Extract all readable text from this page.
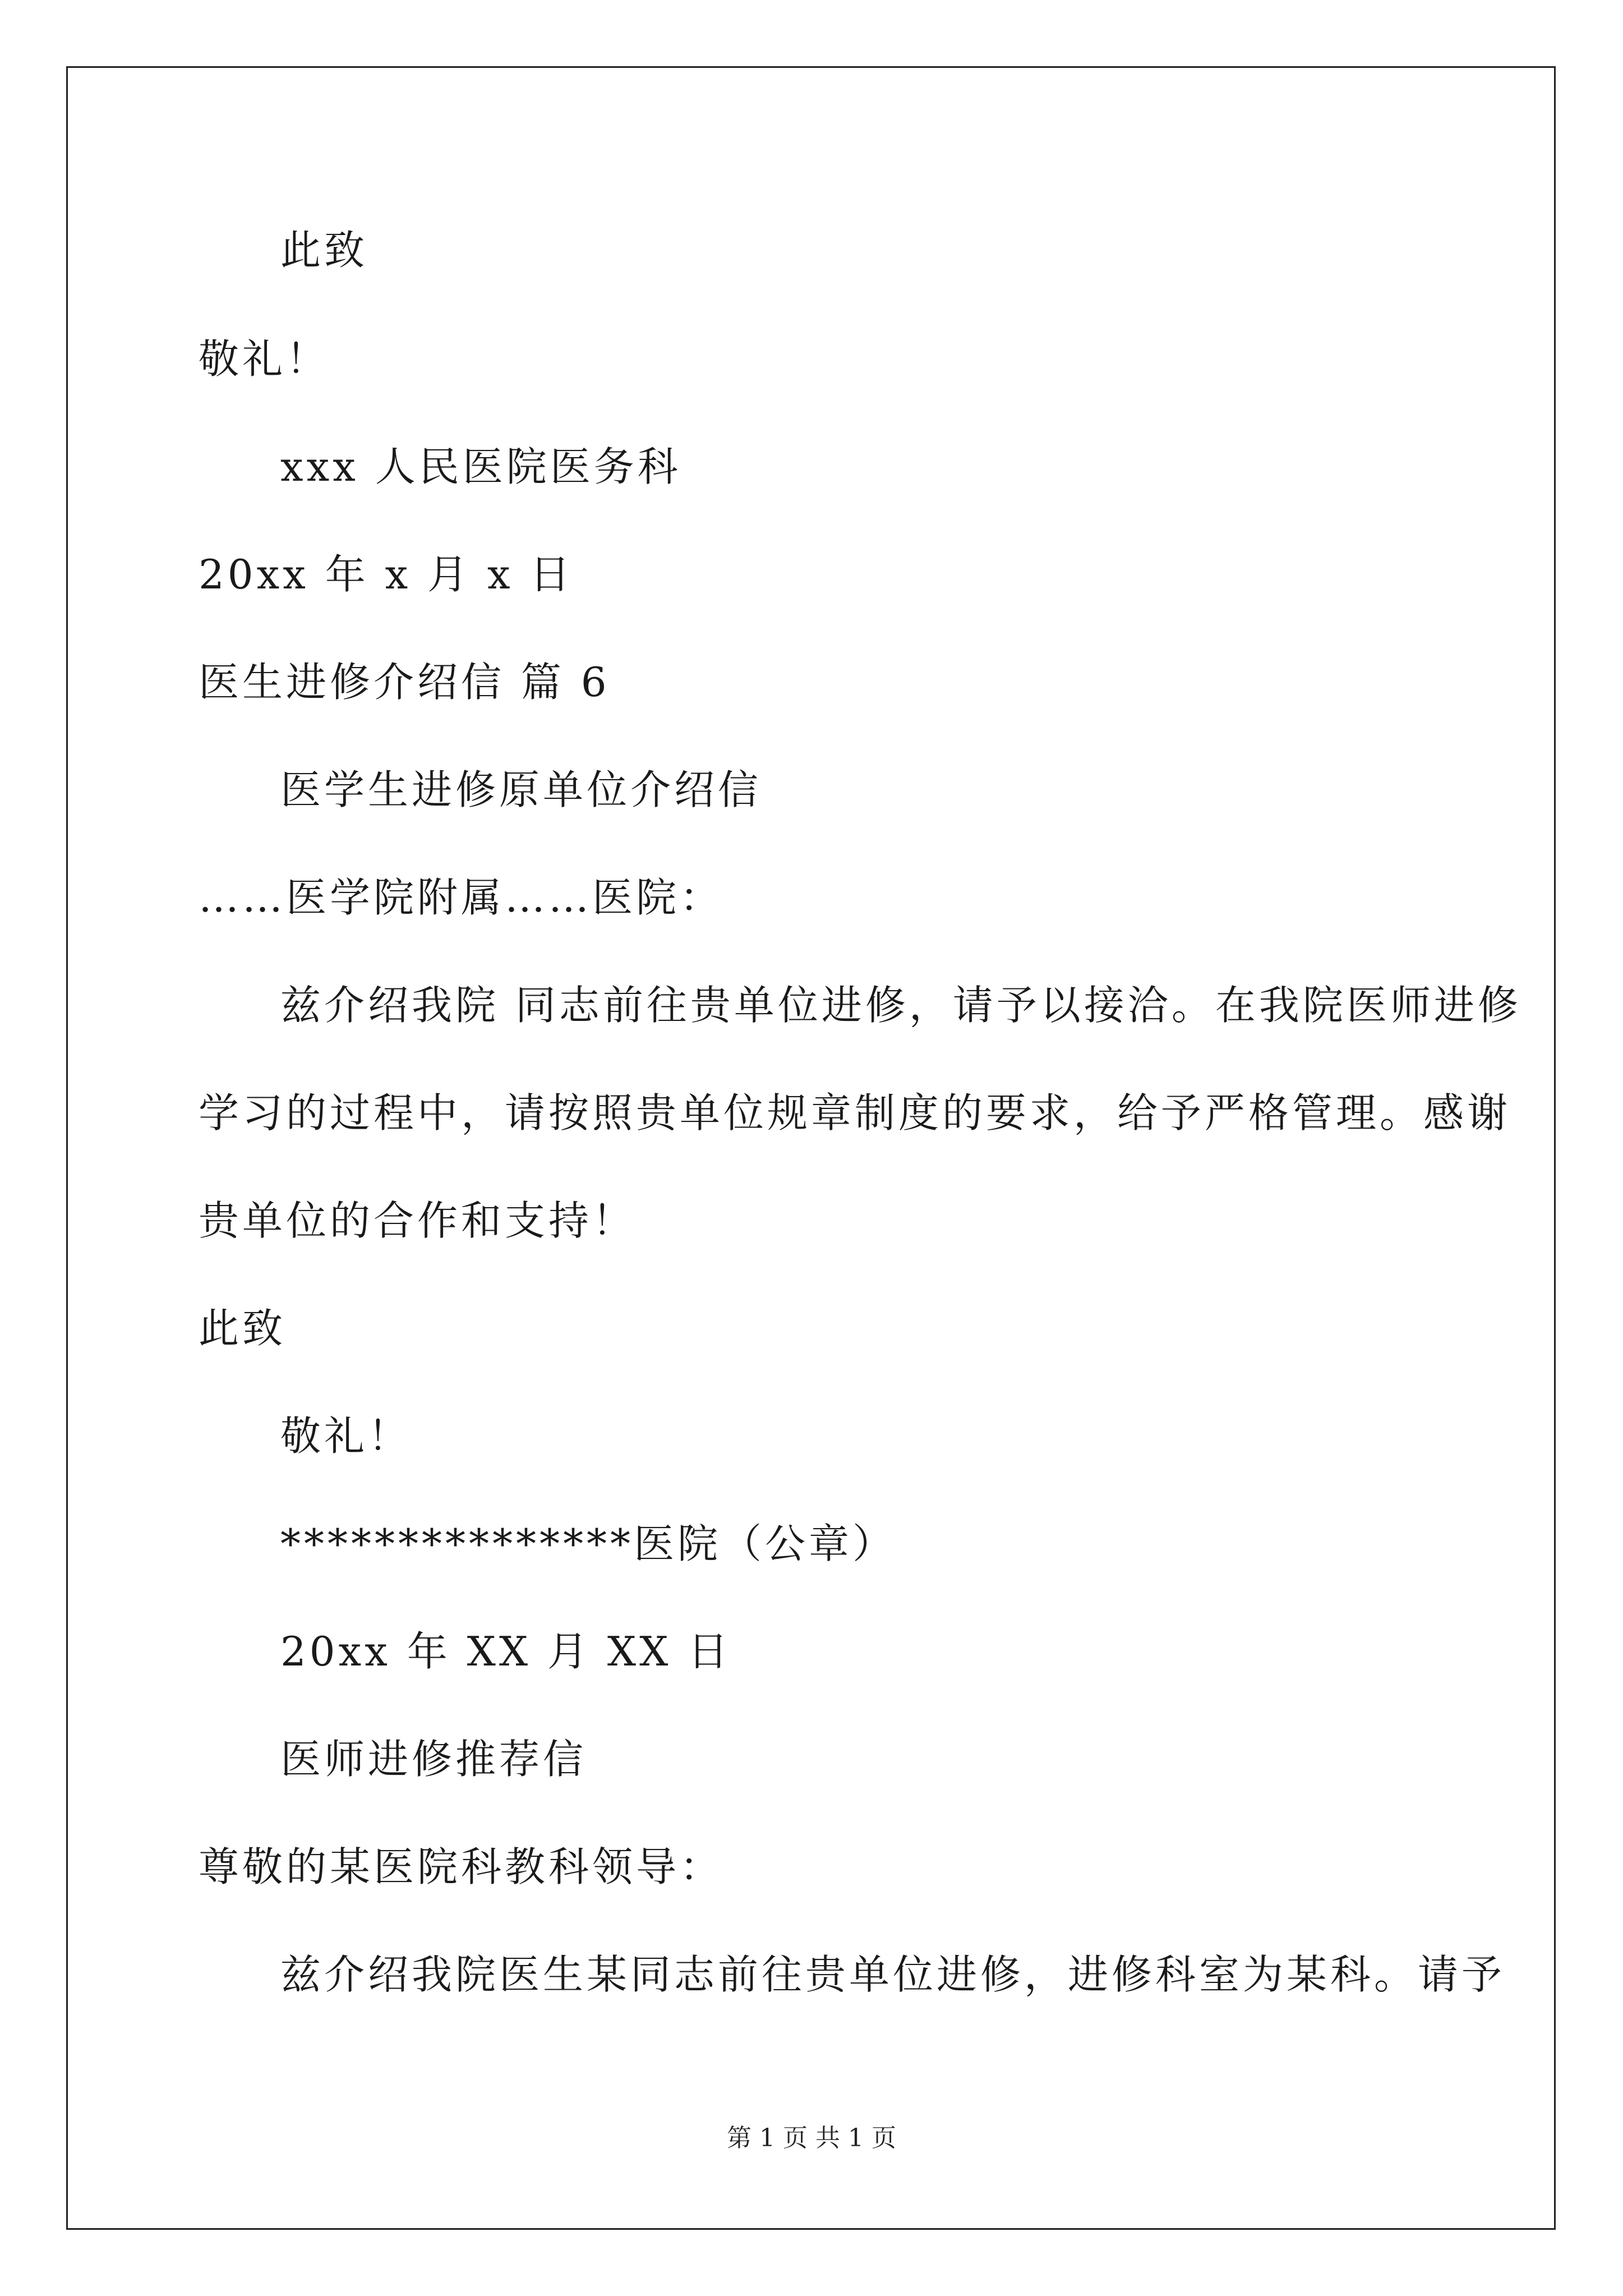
此致
敬礼！
xxx 人民医院医务科
20xx 年 x 月 x 日
医生进修介绍信 篇 6
医学生进修原单位介绍信
……医学院附属……医院：
兹介绍我院 同志前往贵单位进修，请予以接洽。在我院医师进修
学习的过程中，请按照贵单位规章制度的要求，给予严格管理。感谢
贵单位的合作和支持！
此致
敬礼！
***************医院（公章）
20xx 年 XX 月 XX 日
医师进修推荐信
尊敬的某医院科教科领导：
兹介绍我院医生某同志前往贵单位进修，进修科室为某科。请予
第 1 页 共 1 页
